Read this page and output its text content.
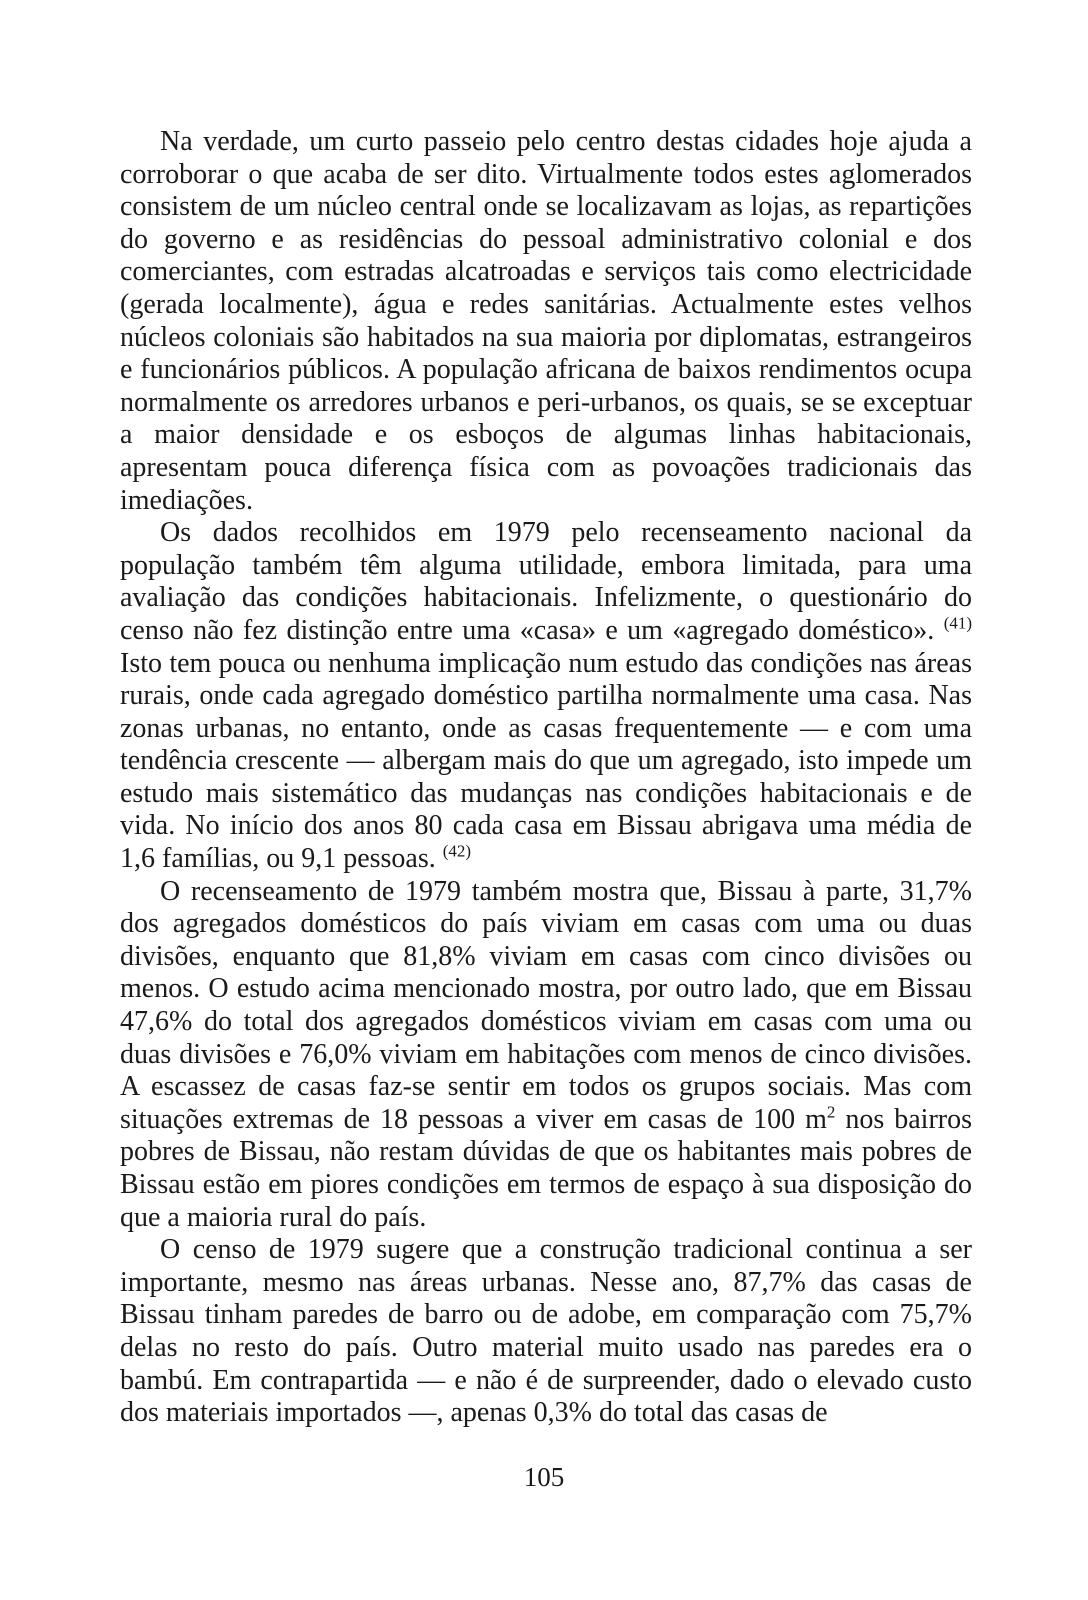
Na verdade, um curto passeio pelo centro destas cidades hoje ajuda a corroborar o que acaba de ser dito. Virtualmente todos estes aglomerados consistem de um núcleo central onde se localizavam as lojas, as repartições do governo e as residências do pessoal administrativo colonial e dos comerciantes, com estradas alcatroadas e serviços tais como electricidade (gerada localmente), água e redes sanitárias. Actualmente estes velhos núcleos coloniais são habitados na sua maioria por diplomatas, estrangeiros e funcionários públicos. A população africana de baixos rendimentos ocupa normalmente os arredores urbanos e peri-urbanos, os quais, se se exceptuar a maior densidade e os esboços de algumas linhas habitacionais, apresentam pouca diferença física com as povoações tradicionais das imediações.

Os dados recolhidos em 1979 pelo recenseamento nacional da população também têm alguma utilidade, embora limitada, para uma avaliação das condições habitacionais. Infelizmente, o questionário do censo não fez distinção entre uma «casa» e um «agregado doméstico». $^{(41)}$ Isto tem pouca ou nenhuma implicação num estudo das condições nas áreas rurais, onde cada agregado doméstico partilha normalmente uma casa. Nas zonas urbanas, no entanto, onde as casas frequentemente — e com uma tendência crescente — albergam mais do que um agregado, isto impede um estudo mais sistemático das mudanças nas condições habitacionais e de vida. No início dos anos 80 cada casa em Bissau abrigava uma média de 1,6 famílias, ou 9,1 pessoas. $^{(42)}$

O recenseamento de 1979 também mostra que, Bissau à parte, 31,7% dos agregados domésticos do país viviam em casas com uma ou duas divisões, enquanto que 81,8% viviam em casas com cinco divisões ou menos. O estudo acima mencionado mostra, por outro lado, que em Bissau 47,6% do total dos agregados domésticos viviam em casas com uma ou duas divisões e 76,0% viviam em habitações com menos de cinco divisões. A escassez de casas faz-se sentir em todos os grupos sociais. Mas com situações extremas de 18 pessoas a viver em casas de 100 $m^2$ nos bairros pobres de Bissau, não restam dúvidas de que os habitantes mais pobres de Bissau estão em piores condições em termos de espaço à sua disposição do que a maioria rural do país.

O censo de 1979 sugere que a construção tradicional continua a ser importante, mesmo nas áreas urbanas. Nesse ano, 87,7% das casas de Bissau tinham paredes de barro ou de adobe, em comparação com 75,7% delas no resto do país. Outro material muito usado nas paredes era o bambú. Em contrapartida — e não é de surpreender, dado o elevado custo dos materiais importados —, apenas 0,3% do total das casas de

105
